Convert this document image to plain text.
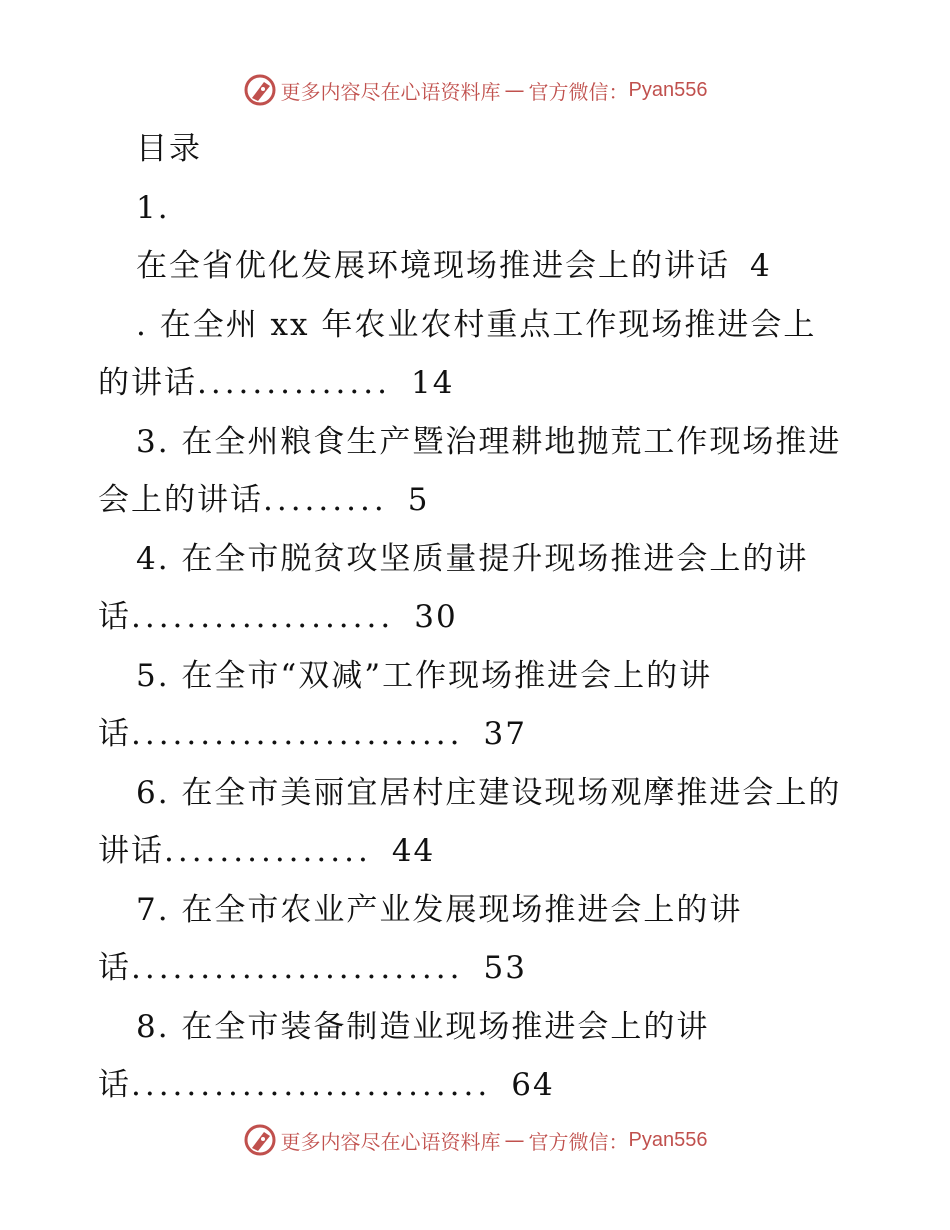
更多内容尽在心语资料库 — 官方微信： Pyan556
目录
1.
在全省优化发展环境现场推进会上的讲话 4
. 在全州 xx 年农业农村重点工作现场推进会上
的讲话.............. 14
3. 在全州粮食生产暨治理耕地抛荒工作现场推进
会上的讲话......... 5
4. 在全市脱贫攻坚质量提升现场推进会上的讲
话................... 30
5. 在全市“双减”工作现场推进会上的讲
话........................ 37
6. 在全市美丽宜居村庄建设现场观摩推进会上的
讲话............... 44
7. 在全市农业产业发展现场推进会上的讲
话........................ 53
8. 在全市装备制造业现场推进会上的讲
话.......................... 64
更多内容尽在心语资料库 — 官方微信： Pyan556
